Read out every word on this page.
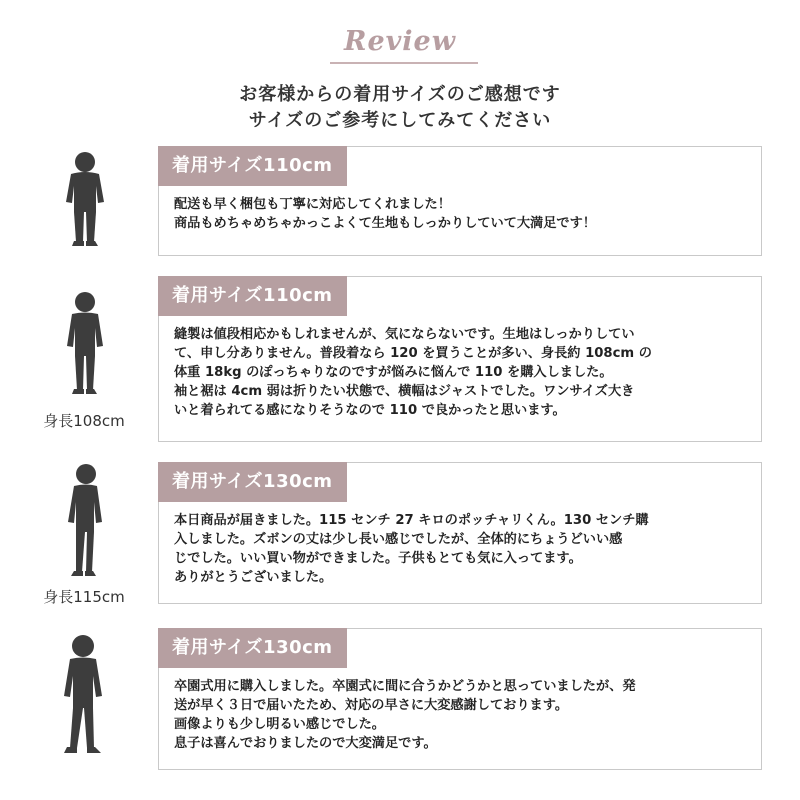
Review
お客様からの着用サイズのご感想です
サイズのご参考にしてみてください
着用サイズ110cm
配送も早く梱包も丁寧に対応してくれました！
商品もめちゃめちゃかっこよくて生地もしっかりしていて大満足です！
身長108cm
着用サイズ110cm
縫製は値段相応かもしれませんが、気にならないです。生地はしっかりしてい
て、申し分ありません。普段着なら 120 を買うことが多い、身長約 108cm の
体重 18kg のぽっちゃりなのですが悩みに悩んで 110 を購入しました。
袖と裾は 4cm 弱は折りたい状態で、横幅はジャストでした。ワンサイズ大き
いと着られてる感になりそうなので 110 で良かったと思います。
身長115cm
着用サイズ130cm
本日商品が届きました。115 センチ 27 キロのポッチャリくん。130 センチ購
入しました。ズボンの丈は少し長い感じでしたが、全体的にちょうどいい感
じでした。いい買い物ができました。子供もとても気に入ってます。
ありがとうございました。
着用サイズ130cm
卒園式用に購入しました。卒園式に間に合うかどうかと思っていましたが、発
送が早く３日で届いたため、対応の早さに大変感謝しております。
画像よりも少し明るい感じでした。
息子は喜んでおりましたので大変満足です。
